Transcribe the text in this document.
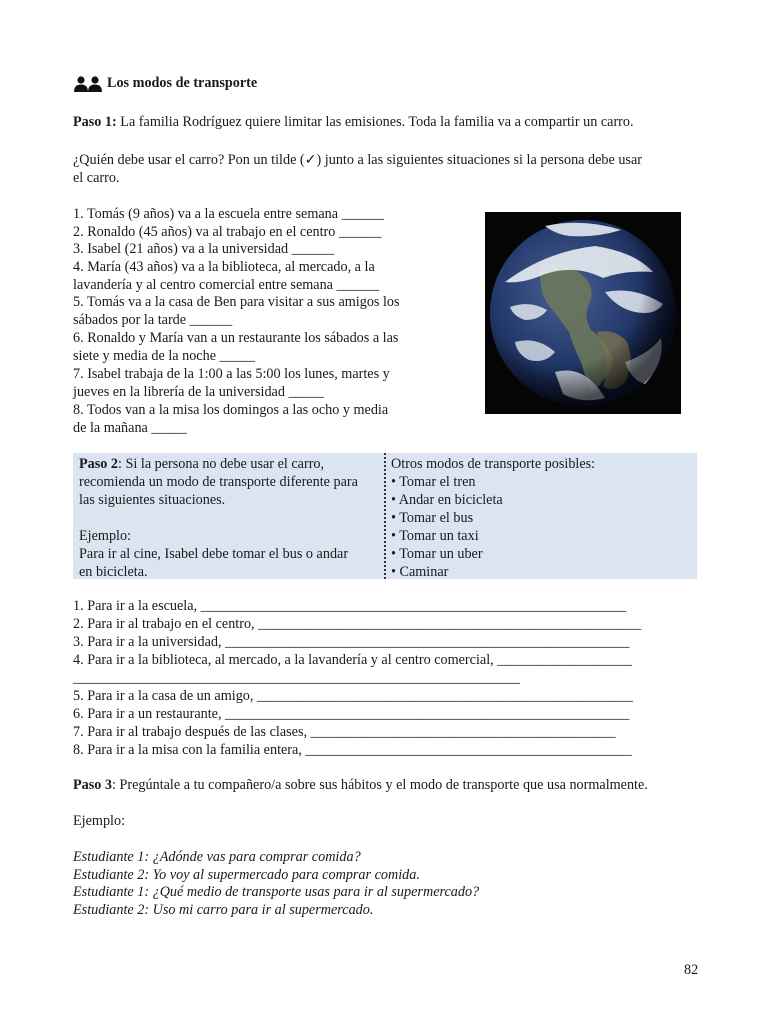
Los modos de transporte
Paso 1: La familia Rodríguez quiere limitar las emisiones. Toda la familia va a compartir un carro.
¿Quién debe usar el carro? Pon un tilde (✓) junto a las siguientes situaciones si la persona debe usar
el carro.
1. Tomás (9 años) va a la escuela entre semana ______
2. Ronaldo (45 años) va al trabajo en el centro ______
3. Isabel (21 años) va a la universidad ______
4. María (43 años) va a la biblioteca, al mercado, a la
lavandería y al centro comercial entre semana ______
5. Tomás va a la casa de Ben para visitar a sus amigos los
sábados por la tarde ______
6. Ronaldo y María van a un restaurante los sábados a las
siete y media de la noche _____
7. Isabel trabaja de la 1:00 a las 5:00 los lunes, martes y
jueves en la librería de la universidad _____
8. Todos van a la misa los domingos a las ocho y media
de la mañana _____
Paso 2: Si la persona no debe usar el carro,
recomienda un modo de transporte diferente para
las siguientes situaciones.
Ejemplo:
Para ir al cine, Isabel debe tomar el bus o andar
en bicicleta.
Otros modos de transporte posibles:
• Tomar el tren
• Andar en bicicleta
• Tomar el bus
• Tomar un taxi
• Tomar un uber
• Caminar
1. Para ir a la escuela, ____________________________________________________________
2. Para ir al trabajo en el centro, ______________________________________________________
3. Para ir a la universidad, _________________________________________________________
4. Para ir a la biblioteca, al mercado, a la lavandería y al centro comercial, ___________________
_______________________________________________________________
5. Para ir a la casa de un amigo, _____________________________________________________
6. Para ir a un restaurante, _________________________________________________________
7. Para ir al trabajo después de las clases, ___________________________________________
8. Para ir a la misa con la familia entera, ______________________________________________
Paso 3: Pregúntale a tu compañero/a sobre sus hábitos y el modo de transporte que usa normalmente.
Ejemplo:
Estudiante 1: ¿Adónde vas para comprar comida?
Estudiante 2: Yo voy al supermercado para comprar comida.
Estudiante 1: ¿Qué medio de transporte usas para ir al supermercado?
Estudiante 2: Uso mi carro para ir al supermercado.
82
